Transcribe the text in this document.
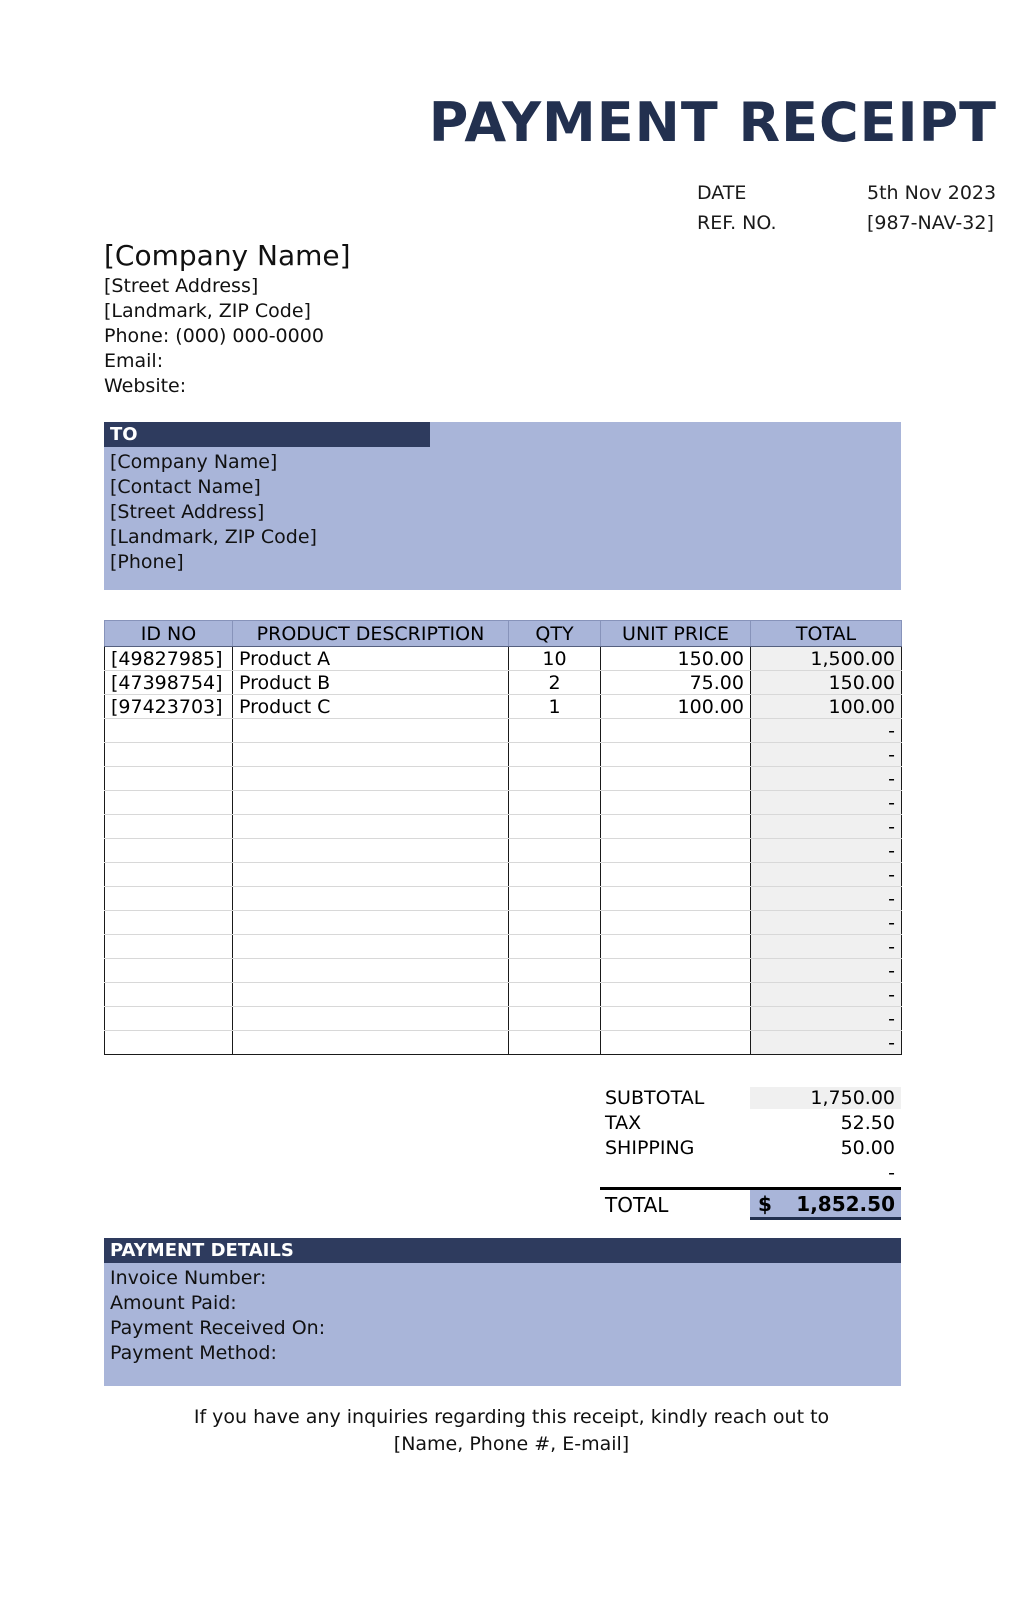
PAYMENT RECEIPT
DATE	5th Nov 2023
REF. NO.	[987-NAV-32]
[Company Name]
[Street Address]
[Landmark, ZIP Code]
Phone: (000) 000-0000
Email:
Website:
TO
[Company Name]
[Contact Name]
[Street Address]
[Landmark, ZIP Code]
[Phone]
ID NO	PRODUCT DESCRIPTION	QTY	UNIT PRICE	TOTAL
[49827985]	Product A	10	150.00	1,500.00
[47398754]	Product B	2	75.00	150.00
[97423703]	Product C	1	100.00	100.00
				-
				-
				-
				-
				-
				-
				-
				-
				-
				-
				-
				-
				-
				-
SUBTOTAL	1,750.00
TAX	52.50
SHIPPING	50.00
-
TOTAL	$	1,852.50
PAYMENT DETAILS
Invoice Number:
Amount Paid:
Payment Received On:
Payment Method:
If you have any inquiries regarding this receipt, kindly reach out to
[Name, Phone #, E-mail]
